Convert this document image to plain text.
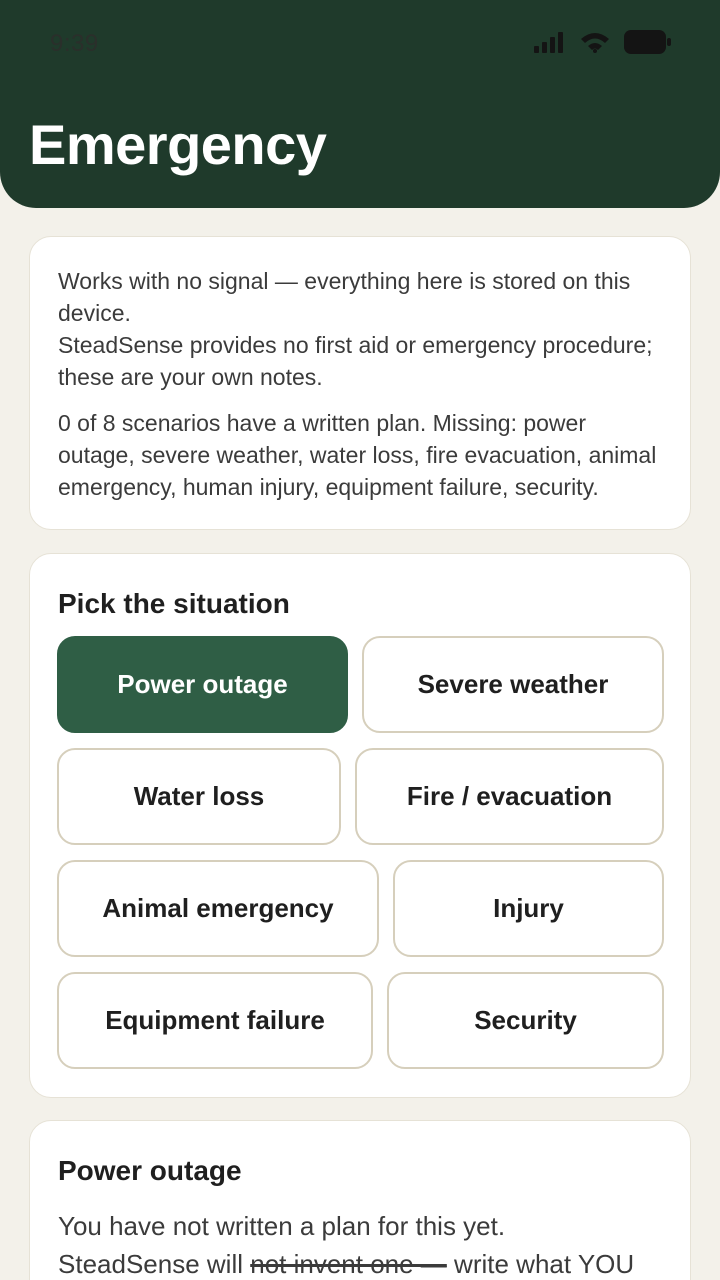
9:39
Emergency

Works with no signal — everything here is stored on this device.
SteadSense provides no first aid or emergency procedure; these are your own notes.

0 of 8 scenarios have a written plan. Missing: power outage, severe weather, water loss, fire evacuation, animal emergency, human injury, equipment failure, security.

Pick the situation
Power outage	Severe weather
Water loss	Fire / evacuation
Animal emergency	Injury
Equipment failure	Security
Power outage
You have not written a plan for this yet.
SteadSense will not invent one — write what YOU
